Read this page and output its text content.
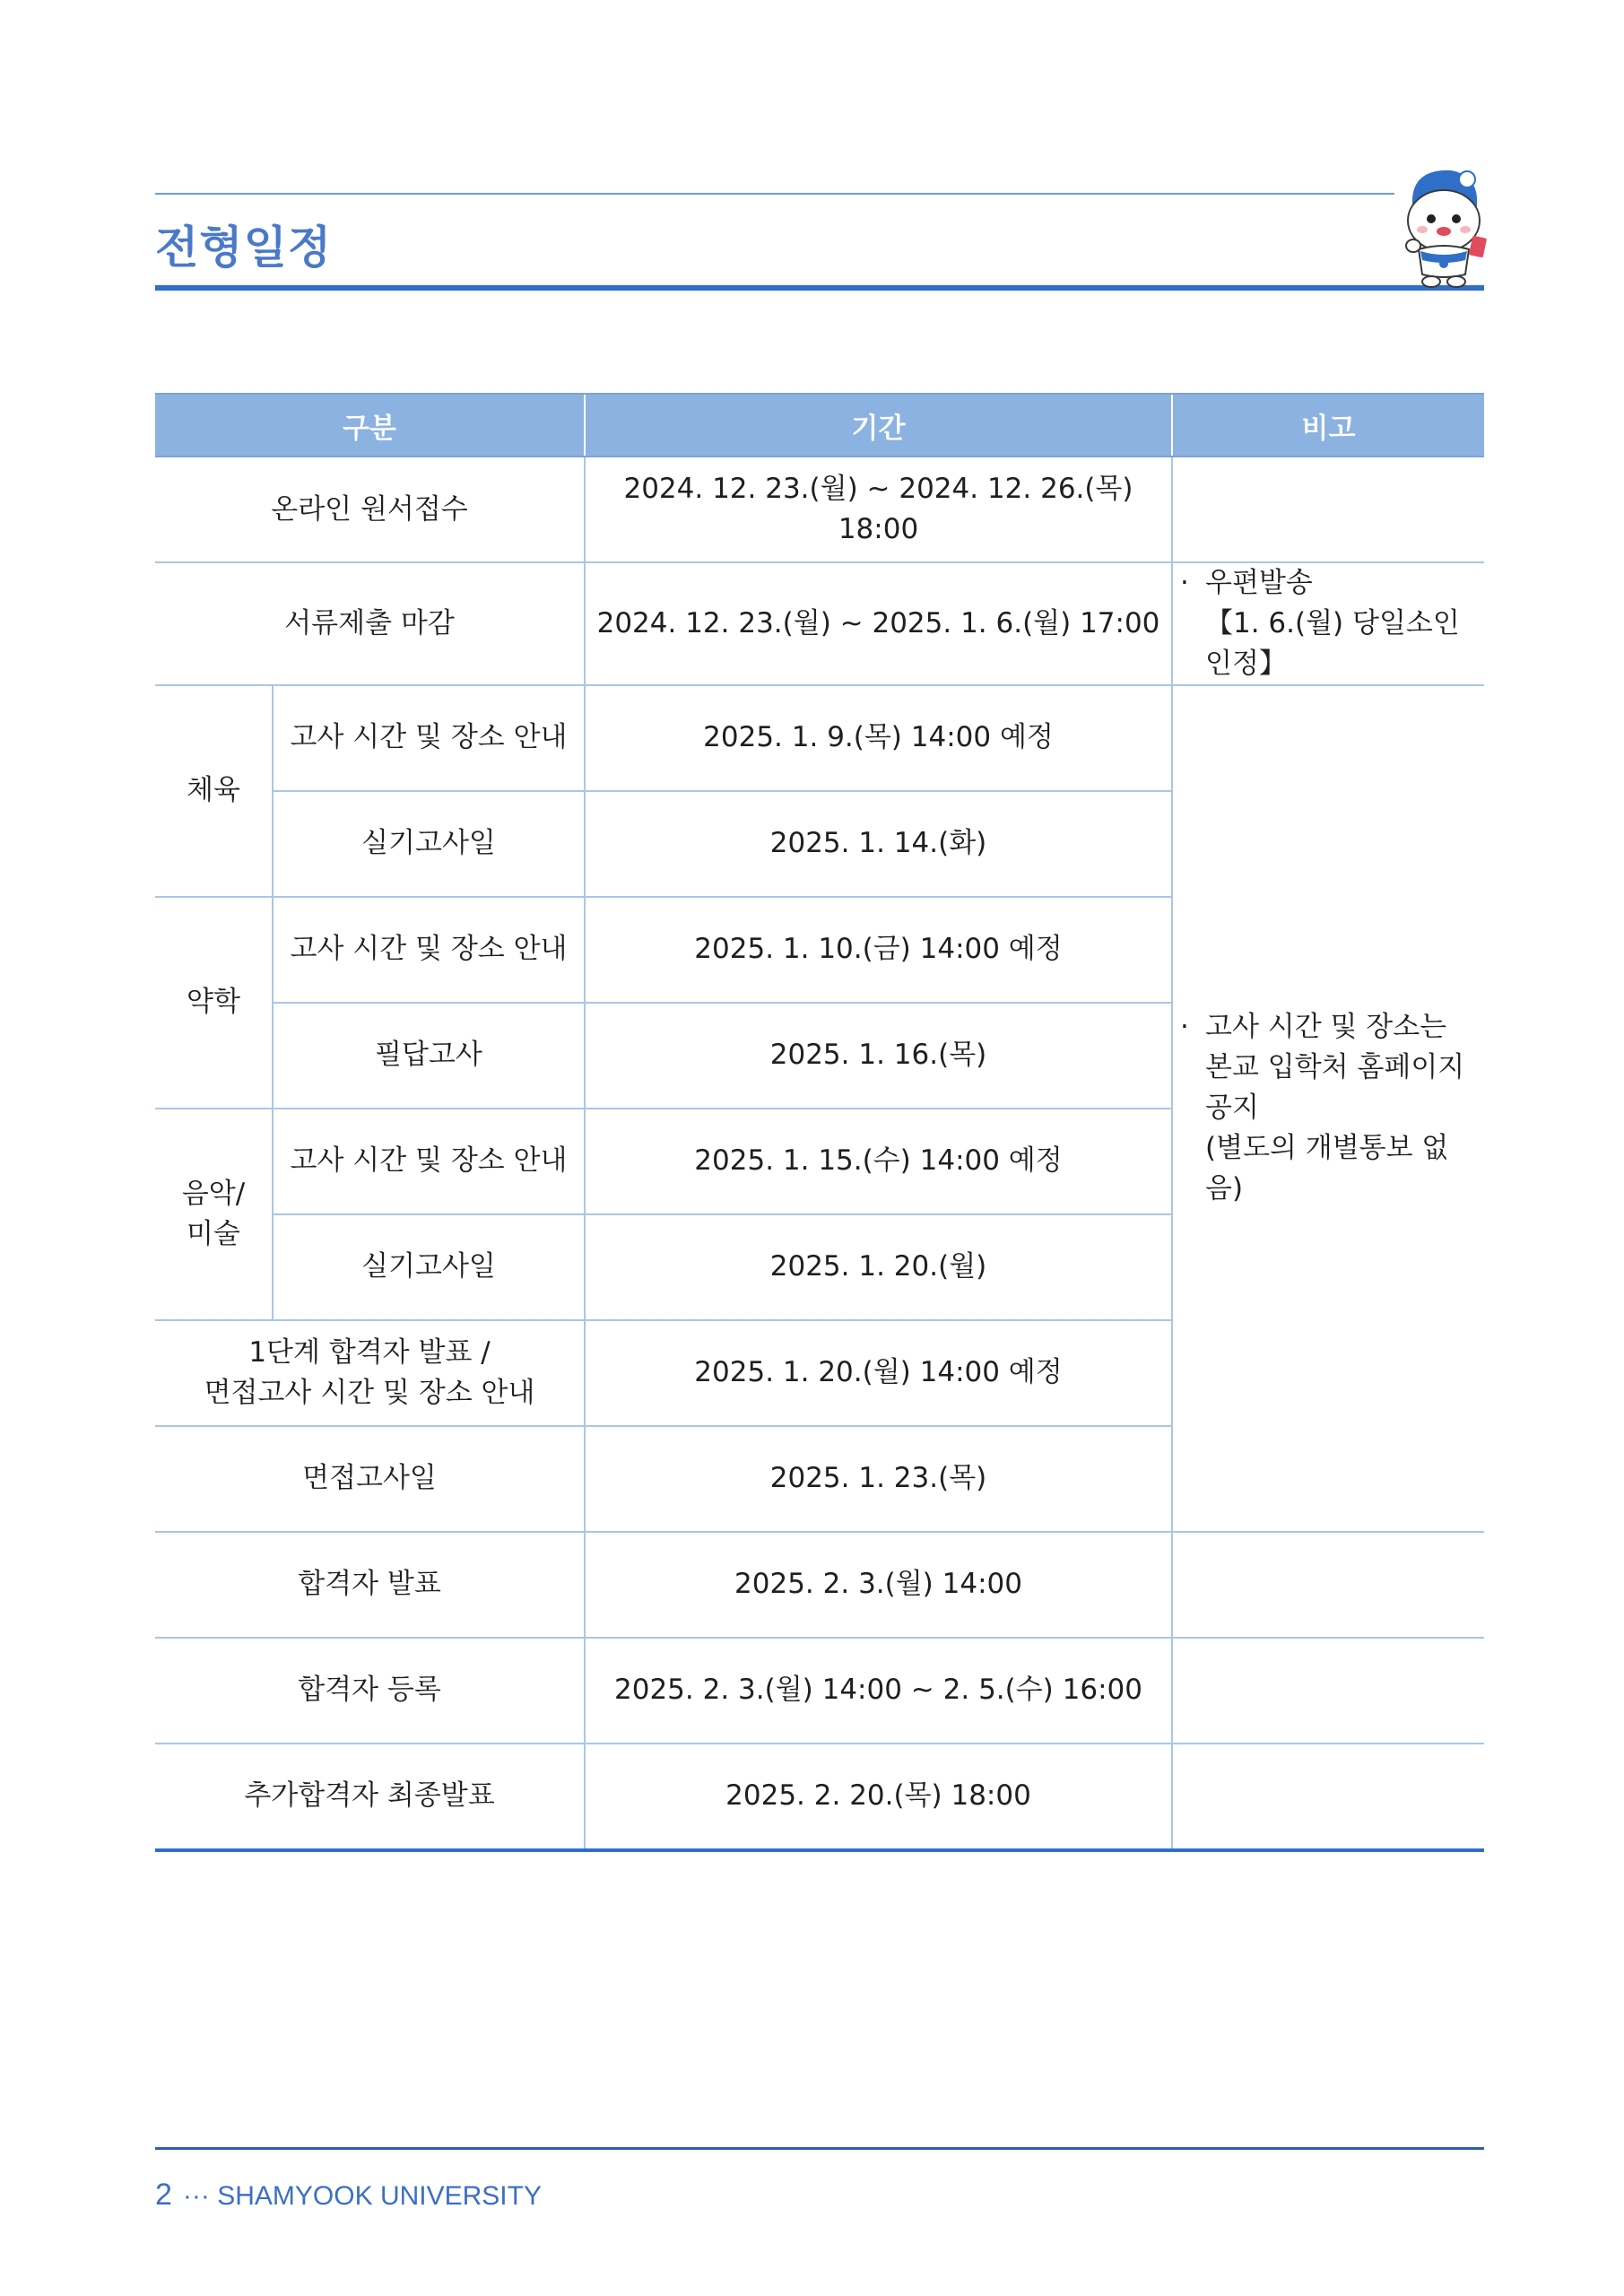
전형일정
구분		기간	비고
온라인 원서접수		2024. 12. 23.(월) ~ 2024. 12. 26.(목) 18:00	
서류제출 마감		2024. 12. 23.(월) ~ 2025. 1. 6.(월) 17:00	· 우편발송
【1. 6.(월) 당일소인 인정】

체육	고사 시간 및 장소 안내	2025. 1. 9.(목) 14:00 예정	· 고사 시간 및 장소는
본교 입학처 홈페이지
공지
(별도의 개별통보 없음)

	실기고사일	2025. 1. 14.(화)	
약학	고사 시간 및 장소 안내	2025. 1. 10.(금) 14:00 예정	
	필답고사	2025. 1. 16.(목)	

음악/
미술	고사 시간 및 장소 안내	2025. 1. 15.(수) 14:00 예정	
	실기고사일	2025. 1. 20.(월)	

1단계 합격자 발표 /
면접고사 시간 및 장소 안내		2025. 1. 20.(월) 14:00 예정	
면접고사일		2025. 1. 23.(목)	
합격자 발표		2025. 2. 3.(월) 14:00	
합격자 등록		2025. 2. 3.(월) 14:00 ~ 2. 5.(수) 16:00	
추가합격자 최종발표		2025. 2. 20.(목) 18:00	
2 ··· SHAMYOOK UNIVERSITY
